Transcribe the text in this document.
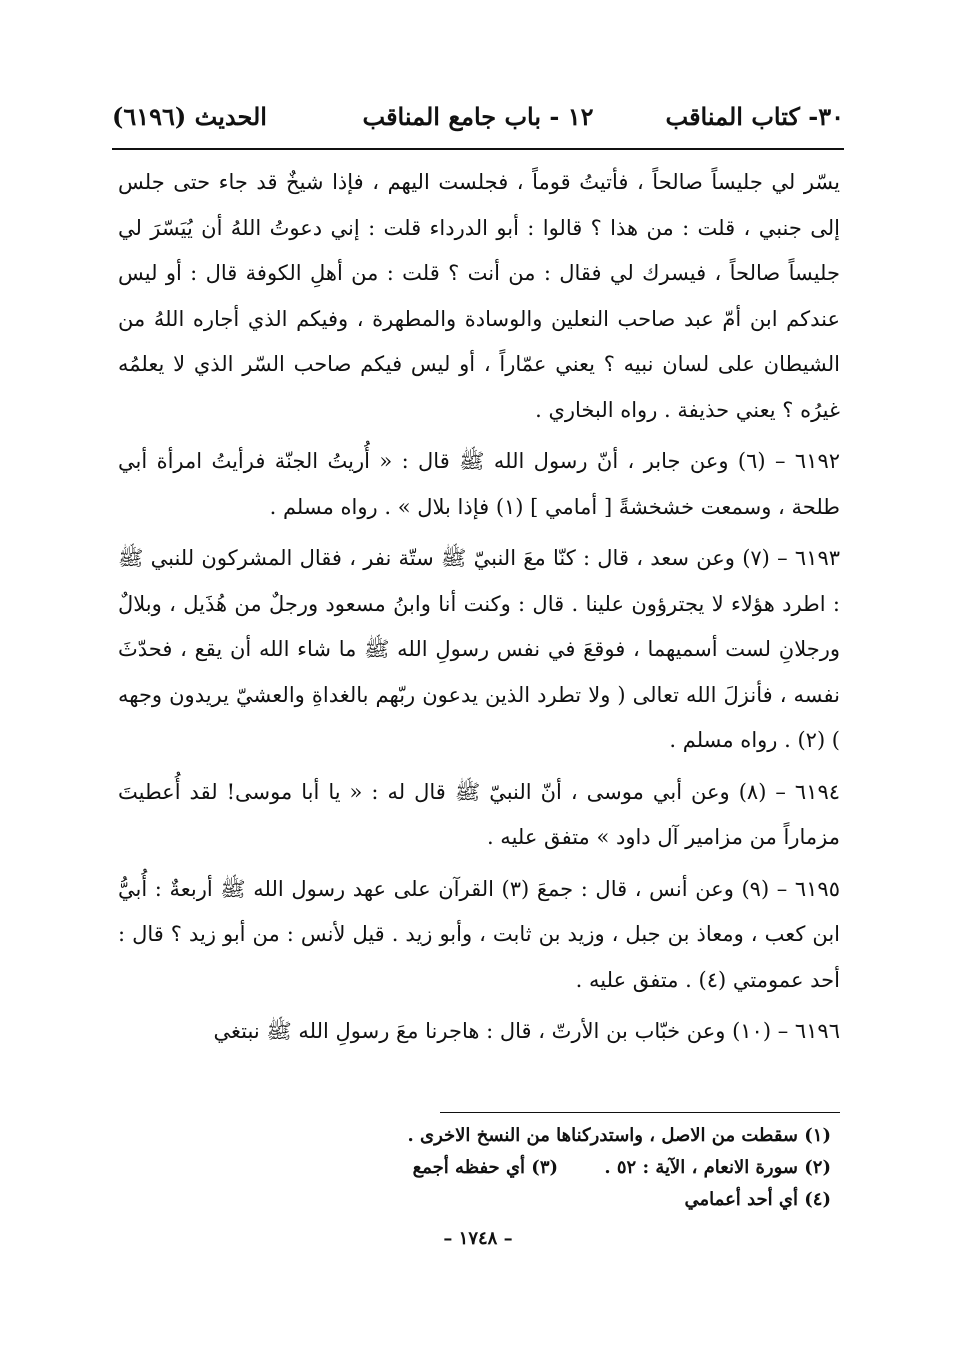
٣٠- كتاب المناقب
١٢ - باب جامع المناقب
الحديث (٦١٩٦)

يسّر لي جليساً صالحاً ، فأتيتُ قوماً ، فجلست اليهم ، فإذا شيخٌ قد جاء حتى جلس إلى جنبي ، قلت : من هذا ؟ قالوا : أبو الدرداء قلت : إني دعوتُ اللهُ أن يُيَسّرَ لي جليساً صالحاً ، فيسرك لي فقال : من أنت ؟ قلت : من أهلِ الكوفة قال : أو ليس عندكم ابن أمّ عبد صاحب النعلين والوسادة والمطهرة ، وفيكم الذي أجاره اللهُ من الشيطان على لسان نبيه ؟ يعني عمّاراً ، أو ليس فيكم صاحب السّر الذي لا يعلمُه غيرُه ؟ يعني حذيفة . رواه البخاري .

٦١٩٢ – (٦) وعن جابر ، أنّ رسول الله ﷺ قال : « أُريتُ الجنّة فرأيتُ امرأة أبي طلحة ، وسمعت خشخشةً [ أمامي ] (١) فإذا بلال » . رواه مسلم .

٦١٩٣ – (٧) وعن سعد ، قال : كنّا معَ النبيّ ﷺ ستّة نفر ، فقال المشركون للنبي ﷺ : اطرد هؤلاء لا يجترؤون علينا . قال : وكنت أنا وابنُ مسعود ورجلٌ من هُذَيل ، وبلالٌ ورجلانِ لست أسميهما ، فوقعَ في نفس رسولِ الله ﷺ ما شاء الله أن يقع ، فحدّثَ نفسه ، فأنزلَ الله تعالى ( ولا تطرد الذين يدعون ربّهم بالغداةِ والعشيّ يريدون وجهه ) (٢) . رواه مسلم .

٦١٩٤ – (٨) وعن أبي موسى ، أنّ النبيّ ﷺ قال له : « يا أبا موسى! لقد أُعطيتَ مزماراً من مزامير آل داود » متفق عليه .

٦١٩٥ – (٩) وعن أنس ، قال : جمعَ (٣) القرآن على عهد رسول الله ﷺ أربعةٌ : أُبيُّ ابن كعب ، ومعاذ بن جبل ، وزيد بن ثابت ، وأبو زيد . قيل لأنس : من أبو زيد ؟ قال : أحد عمومتي (٤) . متفق عليه .

٦١٩٦ – (١٠) وعن خبّاب بن الأرتّ ، قال : هاجرنا معَ رسولِ الله ﷺ نبتغي

(١) سقطت من الاصل ، واستدركناها من النسخ الاخرى .
(٢) سورة الانعام ، الآية : ٥٢ . (٣) أي حفظه أجمع
(٤) أي أحد أعمامي
– ١٧٤٨ –
